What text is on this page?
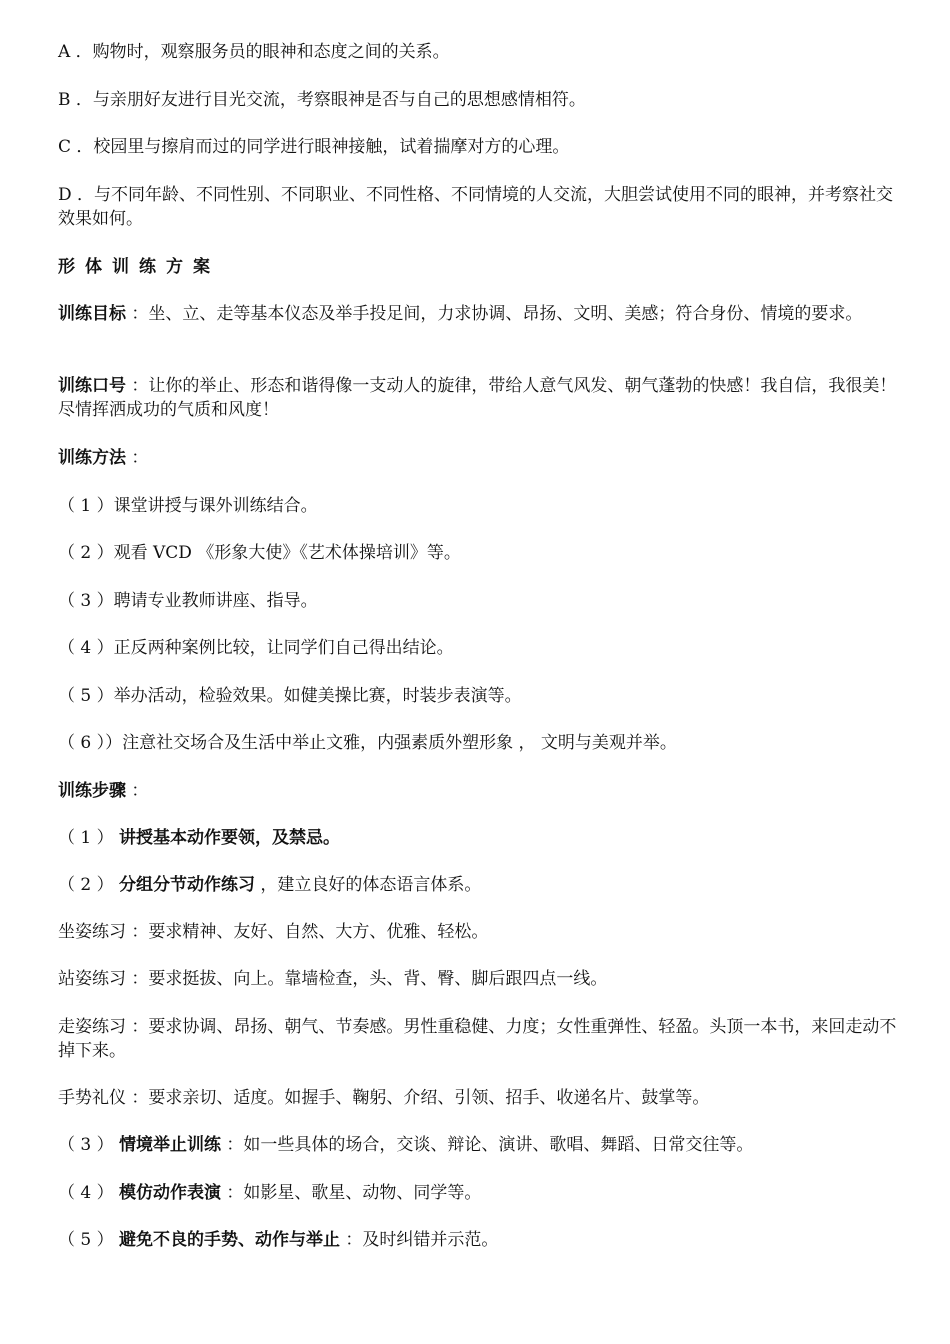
A ．购物时，观察服务员的眼神和态度之间的关系。
B ．与亲朋好友进行目光交流，考察眼神是否与自己的思想感情相符。
C ．校园里与擦肩而过的同学进行眼神接触，试着揣摩对方的心理。
D ．与不同年龄、不同性别、不同职业、不同性格、不同情境的人交流，大胆尝试使用不同的眼神，并考察社交效果如何。
形体训练方案
训练目标 ：坐、立、走等基本仪态及举手投足间，力求协调、昂扬、文明、美感；符合身份、情境的要求。
训练口号 ：让你的举止、形态和谐得像一支动人的旋律，带给人意气风发、朝气蓬勃的快感！我自信，我很美！尽情挥洒成功的气质和风度！
训练方法 ：
（ 1 ）课堂讲授与课外训练结合。
（ 2 ）观看 VCD 《形象大使》《艺术体操培训》等。
（ 3 ）聘请专业教师讲座、指导。
（ 4 ）正反两种案例比较，让同学们自己得出结论。
（ 5 ）举办活动，检验效果。如健美操比赛，时装步表演等。
（ 6 ））注意社交场合及生活中举止文雅，内强素质外塑形象 ， 文明与美观并举。
训练步骤 ：
（ 1 ） 讲授基本动作要领，及禁忌。
（ 2 ） 分组分节动作练习 ，建立良好的体态语言体系。
坐姿练习 ：要求精神、友好、自然、大方、优雅、轻松。
站姿练习 ：要求挺拔、向上。靠墙检查，头、背、臀、脚后跟四点一线。
走姿练习 ：要求协调、昂扬、朝气、节奏感。男性重稳健、力度；女性重弹性、轻盈。头顶一本书，来回走动不掉下来。
手势礼仪 ：要求亲切、适度。如握手、鞠躬、介绍、引领、招手、收递名片、鼓掌等。
（ 3 ） 情境举止训练 ：如一些具体的场合，交谈、辩论、演讲、歌唱、舞蹈、日常交往等。
（ 4 ） 模仿动作表演 ：如影星、歌星、动物、同学等。
（ 5 ） 避免不良的手势、动作与举止 ：及时纠错并示范。
